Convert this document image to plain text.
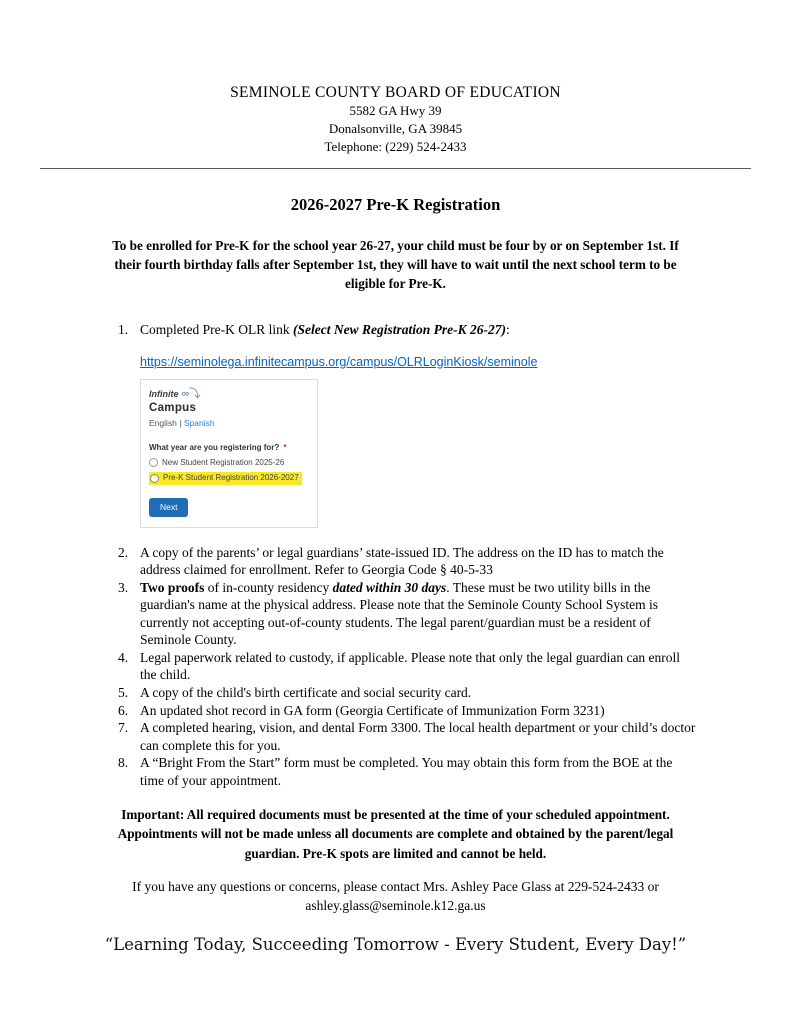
SEMINOLE COUNTY BOARD OF EDUCATION
5582 GA Hwy 39
Donalsonville, GA 39845
Telephone: (229) 524-2433
2026-2027 Pre-K Registration

To be enrolled for Pre-K for the school year 26-27, your child must be four by or on September 1st. If their fourth birthday falls after September 1st, they will have to wait until the next school term to be eligible for Pre-K.

1. Completed Pre-K OLR link (Select New Registration Pre-K 26-27):

https://seminolega.infinitecampus.org/campus/OLRLoginKiosk/seminole

Infinite ∞⤵
Campus
English | Spanish
What year are you registering for? *
New Student Registration 2025-26
Pre-K Student Registration 2026-2027
Next
2. A copy of the parents’ or legal guardians’ state-issued ID. The address on the ID has to match the address claimed for enrollment. Refer to Georgia Code § 40-5-33
3. Two proofs of in-county residency dated within 30 days. These must be two utility bills in the guardian's name at the physical address. Please note that the Seminole County School System is currently not accepting out-of-county students. The legal parent/guardian must be a resident of Seminole County.
4. Legal paperwork related to custody, if applicable. Please note that only the legal guardian can enroll the child.
5. A copy of the child's birth certificate and social security card.
6. An updated shot record in GA form (Georgia Certificate of Immunization Form 3231)
7. A completed hearing, vision, and dental Form 3300. The local health department or your child’s doctor can complete this for you.
8. A “Bright From the Start” form must be completed. You may obtain this form from the BOE at the time of your appointment.

Important: All required documents must be presented at the time of your scheduled appointment. Appointments will not be made unless all documents are complete and obtained by the parent/legal guardian. Pre-K spots are limited and cannot be held.

If you have any questions or concerns, please contact Mrs. Ashley Pace Glass at 229-524-2433 or ashley.glass@seminole.k12.ga.us

“Learning Today, Succeeding Tomorrow - Every Student, Every Day!”
